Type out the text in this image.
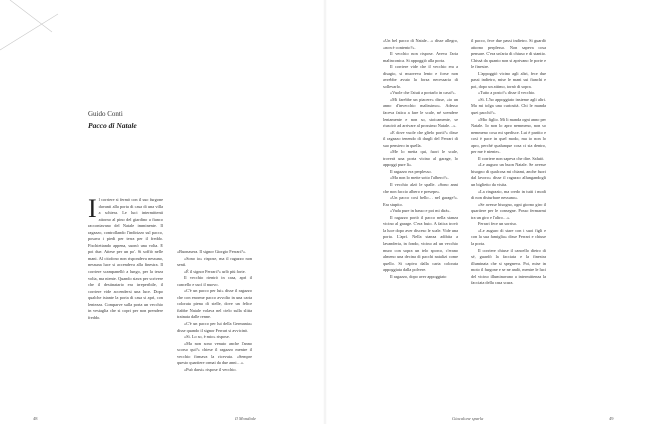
Guido Conti
Pacco di Natale
I l corriere si fermò con il suo furgone davanti alla porta di casa di una villa a schiera. Le luci intermittenti attorno al pino del giardino a fianco raccontavano del Natale imminente. Il ragazzo, controllando l'indirizzo sul pacco, posava i piedi per terra per il freddo. Fischiettando appena, suonò una volta. E poi due. Attese per un po'. Si soffiò nelle mani. Al citofono non rispondeva nessuno, nessuna luce si accendeva alla finestra. Il corriere scampanellò a lungo, per la terza volta, ma niente. Quando stava per scrivere che il destinatario era irreperibile, il corriere vide accendersi una luce. Dopo qualche istante la porta di casa si aprì, con lentezza. Comparve sulla porta un vecchio in vestaglia che si copri per non prendere freddo.

«Buonasera. Il signor Giorgio Ferrari?».

«Sono io» rispose, ma il ragazzo non sentì.

«È il signor Ferrari?» urlò più forte.

Il vecchio rientrò in casa, aprì il cancello e uscì il nuovo.

«C'è un pacco per lui» disse il ragazzo che con enorme pacco avvolto in una carta colorata piena di stelle, dove un felice fiabbe Natale volava nel cielo sulla slitta trainata dalle renne.

«C'è un pacco per lui della Germania» disse quando il signor Ferrari si avvicinò.

«Sì. Lo so, è mio» rispose.

«Ma non sono venuto anche l'anno scorso qui?» chiese il ragazzo mentre il vecchio firmava la ricevuta. «Sempre questo quartiere ormai da due anni…».

«Può darsi» rispose il vecchio.

«Un bel pacco di Natale…» disse allegro, «non è contento?».

Il vecchio non rispose. Aveva l'aria malinconica. Si appoggiò alla porta.

Il corriere vide che il vecchio era a disagio, si muoveva lento e forse non avrebbe avuto la forza necessaria di sollevarlo.

«Vuole che l'aiuti a portarlo in casa?».

«Mi farebbe un piacere» disse, «io un anno d'invecchio malissimo». Adesso faceva fatica a fare le scale, né scendere lentamente e non so, stoicamente, se riuscirò ad arrivare al prossimo Natale…».

«E dove vuole che glielo porti?» disse il ragazzo tenendo di dargli del Ferrari di suo pensiero in quella.

«Me lo metta qui, fuori le scale, troverà una porta vicino al garage, lo appoggi pure lì».

Il ragazzo era perplesso.

«Ma non lo mette sotto l'albero?».

Il vecchio alzò le spalle. «Sono anni che non faccio albero e presepe».

«Un pacco così bello… nel garage!». Era stupito.

«Vada pure in basso e poi mi dirà».

Il ragazzo portò il pacco nella stanza vicino al garage. C'era buio. A fatica trovò la luce dopo aver disceso le scale. Vide una porta. L'aprì. Nella stanza adibita a lavanderia, in fondo, vicino ad un vecchio muro con sopra un telo sporco, c'erano almeno una decina di pacchi natalizi come quello. Si capiva dalla carta colorata appoggiata dalla polvere.

Il ragazzo, dopo aver appoggiato

il pacco, fece due passi indietro. Si guardò attorno perplesso. Non sapeva cosa pensare. C'era un'aria di chiuso e di stantio. Chissà da quanto non si aprivano le porte e le finestre.

L'appoggiò vicino agli altri, fece due passi indietro, mise le mani sui fianchi e poi, dopo un attimo, tornò di sopra.

«Tutto a posto?» disse il vecchio.

«Sì. L'ho appoggiato insieme agli altri. Ma mi tolga una curiosità. Chi le manda quei pacchi?».

«Mio figlio. Mi li manda ogni anno per Natale. Io non lo apro nemmeno, non so nemmeno cosa mi spedisce. Lui è partito e così è pace in quel modo, ma io non lo apro, perché qualunque cosa ci sia dentro, per me è niente».

Il corriere non sapeva che dire. Salutò.

«Le auguro un buon Natale. Se avesse bisogno di qualcosa mi chiami, anche fuori dal lavoro» disse il ragazzo allungandogli un biglietto da visita.

«La ringrazio, ma credo in tutti i modi di non disturbare nessuno».

«Se avesse bisogno, ogni giorno giro il quartiere per le consegne. Posso fermarmi tra un giro e l'altro…».

Ferrari fece un sorriso.

«Le auguro di stare con i suoi figli e con la sua famiglia» disse Ferrari e chiuse la porta.

Il corriere chiuse il cancello dietro di sé, guardò la facciata e la finestra illuminata che si spegneva. Poi, mise in moto il furgone e se ne andò, mentre le luci del vicino illuminavano a intermittenza la facciata della casa scura.

48	Il Mondiale	Giacalone sparla	49
